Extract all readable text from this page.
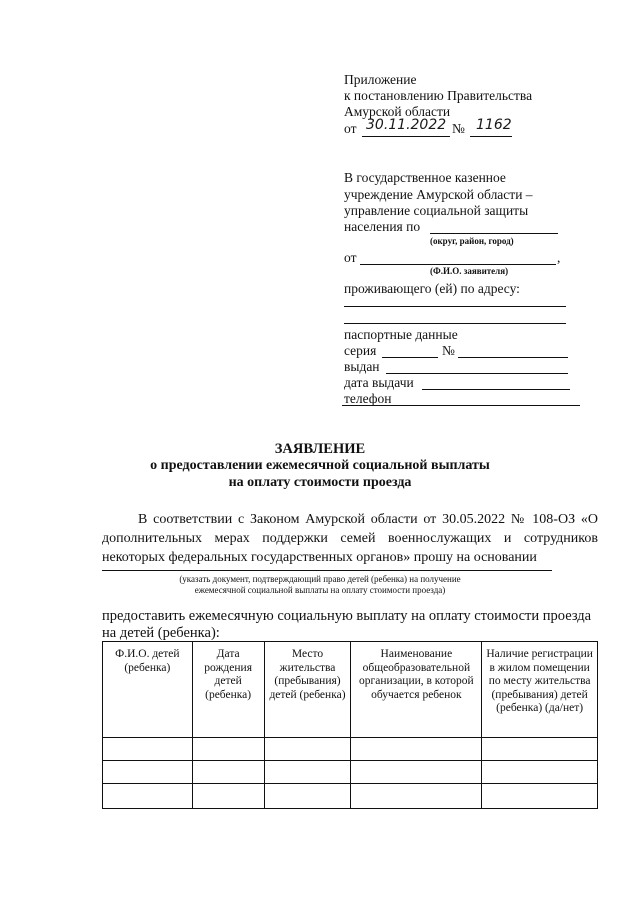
Приложение
к постановлению Правительства
Амурской области
от 30.11.2022 № 1162
В государственное казенное
учреждение Амурской области –
управление социальной защиты
населения по
(округ, район, город)
от	,
(Ф.И.О. заявителя)
проживающего (ей) по адресу:
паспортные данные
серия	№
выдан
дата выдачи
телефон
ЗАЯВЛЕНИЕ
о предоставлении ежемесячной социальной выплаты
на оплату стоимости проезда
В соответствии с Законом Амурской области от 30.05.2022 № 108-ОЗ «О дополнительных мерах поддержки семей военнослужащих и сотрудников некоторых федеральных государственных органов» прошу на основании
(указать документ, подтверждающий право детей (ребенка) на получение
ежемесячной социальной выплаты на оплату стоимости проезда)
предоставить ежемесячную социальную выплату на оплату стоимости проезда
на детей (ребенка):
Ф.И.О. детей (ребенка)	Дата рождения детей (ребенка)	Место жительства (пребывания) детей (ребенка)	Наименование общеобразовательной организации, в которой обучается ребенок	Наличие регистрации в жилом помещении по месту жительства (пребывания) детей (ребенка) (да/нет)
